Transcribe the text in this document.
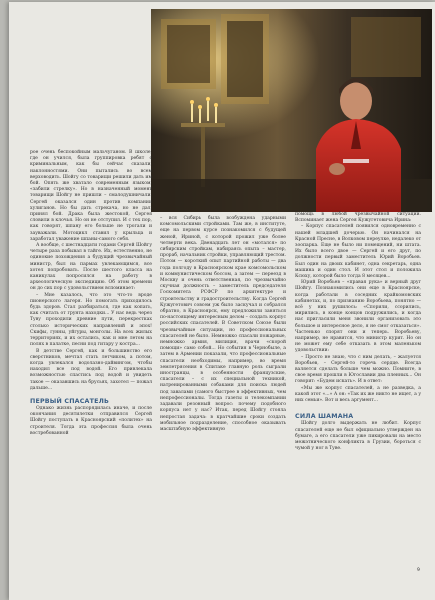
рое очень беспокойным мальчуганом. В школе, где он учился, была группировка ребят с криминальным, как бы сейчас сказали, наклонностями. Они пытались во всем верховодить. Шойгу со товарищи решили дать им бой. Опять же хватало современным языком, «забили стрелку». Но в назначенный момент товарищи Шойгу не пришли – смалодушничали. Сергей оказался один против компании хулиганов. Но бы дать стрекача, но не дал, принял бой. Драка была жестокой, Сергея словили в клочья. Но он не отступил. И с тех пор, как говорят, шпану его больше не трогали и зауважали. Мотоцикл ставил у крыльца и заработал уважение шпаны-самого себя.

А вообще, с шестнадцати годами Сергей Шойгу четыре раза побывал в тайге. Их, естественно, не одинокие похождения а будущий чрезвычайный министр, был на пармах увлекающимся, все хотел попробовать. После шестого класса на каникулах попросился на работу в археологическую экспедицию. Об этом времени он до сих пор с удовольствием вспоминает:

– Мне казалось, что это что-то вроде пионерского лагеря. Но помогать приходилось будь здоров. Стал разбираться, где как копать, как считать от грунта находки... У нас ведь через Туву проходили древние пути, перекрестках столько исторических направлений и эпох! Скифы, гунны, уйгуры, монголы. На всех жилых территориях, и их остались, как и мне летом на полях в палатке, песни под гитару у костра...

В детстве Сергей, как и большинство его сверстников, мечтал стать летчиком, а потом, когда увлекался водолазно-дайвингом, чтобы находил все под водой. Его привлекала возможностью спастись под водой и увидеть такое — оказавшись на брусьях, захотел — пожал дальше...

ПЕРВЫЙ СПАСАТЕЛЬ

Однако жизнь распорядилась иначе, и после окончания десятилетки отправился Сергей Шойгу поступать в Красноярский «политех» на строителя. Тогда эта профессия была очень востребованной

– вся Сибирь была возбуждена ударными комсомольскими стройками. Там же, в институте, еще на первом курсе познакомился с будущей женой, Ириной, с которой прожил уже более четверти века. Двенадцать лет он «мотался» по сибирским стройкам, набираясь опыта – мастер, прораб, начальник стройки, управляющий трестом. Потом — короткий опыт партийной работы — два года полгоду в Красноярском крае комсомольском и коммунистическом боссом, а затем — переезд в Москву и очень ответственная, по чрезвычайно скучная должность – заместитель председателя Госкомитета РСФСР по архитектуре и строительству и градостроительству. Когда Сергей Кужугетович совсем уж было заскучал и собрался обратно, в Красноярск, ему предложили заняться по-настоящему интересным делом – создать корпус российских спасателей. В Советском Союзе были чрезвычайные ситуации, но профессиональных спасателей не было. Немножко спасали пожарные, немножко армия, милиция, врачи «скорой помощи» само собой... Но события в Чернобыле, а затем в Армении показали, что профессиональные спасатели необходимы, например, во время землетрясения в Спитаке главную роль сыграли иностранцы, в особенности французские, спасатели – с их специальной техникой, натренированными собаками для поиска людей под завалами (самого быстрее в эффективных, чем непрофессионалы. Тогда газеты и телекомпании задавали резонный вопрос: почему подобного корпуса нет у нас? Итак, перед Шойгу стояла непростая задача: в кратчайшие сроки создать мобильное подразделение, способное оказывать масштабную эффективную

помощь в любой чрезвычайной ситуации. Вспоминает жена Сергея Кужугетовича Ирина:

– Корпус спасателей появился одновременно с нашей младшей дочерью. Он начинался на Красной Пресне, в Волковом переулке, недалеко от зоопарка. Еще не было ни помещений, ни штата. Их было всего двое — Сергей и его друг, по должности первый заместитель Юрий Воробьев. Был один на двоих кабинет, одна секретарь, одна машина и один стол. И этот стол и положила Ксюху, которой было тогда 8 месяцев...

Юрий Воробьев – «правая рука» и верный друг Шойгу. Познакомились они еще в Красноярске, когда работали в соседних крайкомовских кабинетах, и, по признанию Воробьева, понятно — всё у них рушилось: «Спорили, ссорились, мирились, в конце концов подружились, и когда нас пригласили меня звонили организовать это большое и интересное дело, я не смог отказаться». Частенько спорят они и теперь. Воробьеву, например, не нравится, что министр курит. Но он не может ему себе отказать в этом маленьком удовольствии:

– Просто не знаю, что с ним делать, – жалуется Воробьев, – Сергей-то горечь сердце. Всегда валяется сделать больше чем можно. Помните, в свое время прошли в Югославии два пленных... Он говорит: «Будем искать». И в ответ:

«Мы же корпус спасателей, а не разведка, а какой этот «...» А он: «Так их же никто не ищет, а у них семьи». Вот и весь аргумент...

СИЛА ШАМАНА

Шойгу долго выдержать не любит. Корпус спасателей еще не был официально утвержден на бумаге, а его спасатели уже пикировали на место межэтнического конфликта в Грузии, бороться с чумой у ног в Туве.

9
